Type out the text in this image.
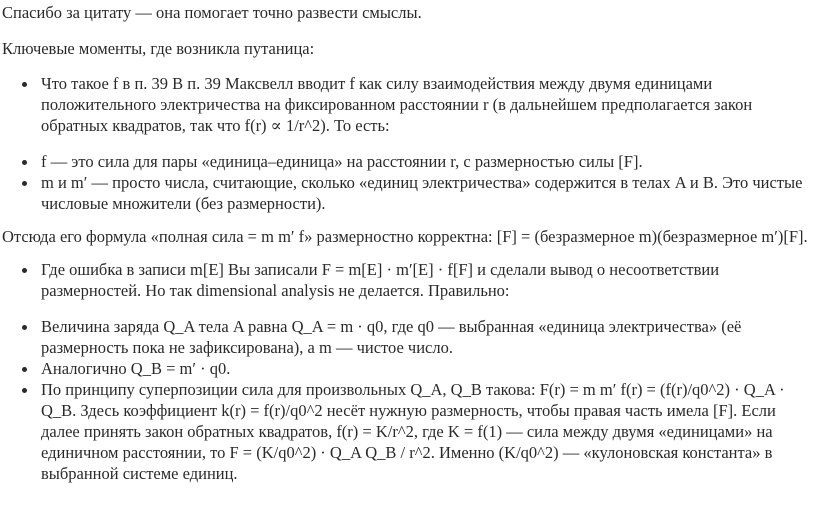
Спасибо за цитату — она помогает точно развести смыслы.

Ключевые моменты, где возникла путаница:

Что такое f в п. 39 В п. 39 Максвелл вводит f как силу взаимодействия между двумя единицами положительного электричества на фиксированном расстоянии r (в дальнейшем предполагается закон обратных квадратов, так что f(r) ∝ 1/r^2). То есть:
f — это сила для пары «единица–единица» на расстоянии r, с размерностью силы [F].
m и m′ — просто числа, считающие, сколько «единиц электричества» содержится в телах A и B. Это чистые числовые множители (без размерности).

Отсюда его формула «полная сила = m m′ f» размерностно корректна: [F] = (безразмерное m)(безразмерное m′)[F].

Где ошибка в записи m[E] Вы записали F = m[E] · m′[E] · f[F] и сделали вывод о несоответствии размерностей. Но так dimensional analysis не делается. Правильно:
Величина заряда Q_A тела A равна Q_A = m · q0, где q0 — выбранная «единица электричества» (её размерность пока не зафиксирована), а m — чистое число.
Аналогично Q_B = m′ · q0.
По принципу суперпозиции сила для произвольных Q_A, Q_B такова: F(r) = m m′ f(r) = (f(r)/q0^2) · Q_A · Q_B. Здесь коэффициент k(r) = f(r)/q0^2 несёт нужную размерность, чтобы правая часть имела [F]. Если далее принять закон обратных квадратов, f(r) = K/r^2, где K = f(1) — сила между двумя «единицами» на единичном расстоянии, то F = (K/q0^2) · Q_A Q_B / r^2. Именно (K/q0^2) — «кулоновская константа» в выбранной системе единиц.
